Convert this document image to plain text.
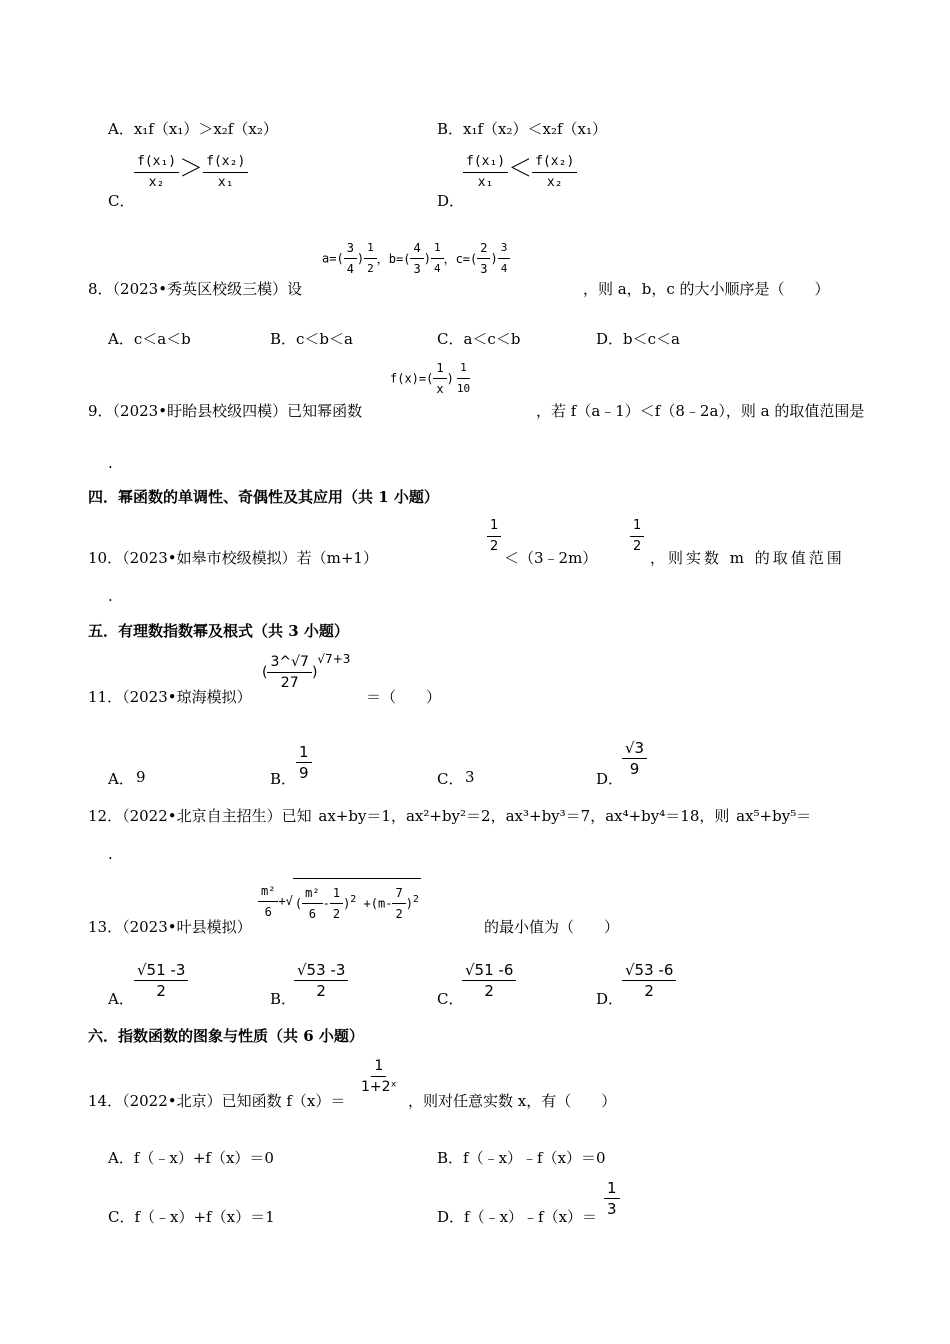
A．x₁f（x₁）＞x₂f（x₂）	B．x₁f（x₂）＜x₂f（x₁）
C．
$\frac{\text{f(x₁)}}{\text{x₂}} > \frac{\text{f(x₂)}}{\text{x₁}}$
D．
$\frac{\text{f(x₁)}}{\text{x₁}} < \frac{\text{f(x₂)}}{\text{x₂}}$
8．（2023•秀英区校级三模）设
$a=( \frac{3}{4}$ ) $^{\frac{1}{2}}$ ，$b=( \frac{4}{3}$ ) $^{\frac{1}{4}}$ ，$c=( \frac{2}{3}$ ) $^{\frac{3}{4}}$
，则 a，b，c 的大小顺序是（　　）
A．c＜a＜b	B．c＜b＜a	C．a＜c＜b	D．b＜c＜a
9．（2023•盱眙县校级四模）已知幂函数
$f(x)=( \frac{1}{x}$ ) $^{\frac{1}{10}}$
，若 f（a﹣1）＜f（8﹣2a），则 a 的取值范围是
.
四．幂函数的单调性、奇偶性及其应用（共 1 小题）
10．（2023•如皋市校级模拟）若（m+1）
$\frac{1}{2}$
＜（3﹣2m）
$\frac{1}{2}$
，则实数 m 的取值范围
.
五．有理数指数幂及根式（共 3 小题）
11．（2023•琼海模拟）
( $\frac{3\^{}√7}{27} )√7+3$
＝（　　）
A． 9	B． $\frac{1}{9}$	C． 3	D．
$\frac{√3}{9}$
12．（2022•北京自主招生）已知 ax+by＝1，ax²+by²＝2，ax³+by³＝7，ax⁴+by⁴＝18，则 ax⁵+by⁵＝
.
13．（2023•叶县模拟）
$\frac{\text{m²}}{6}$ +√ ( $\frac{\text{m²}}{6} - \frac{1}{2} )^2 +(m- \frac{7}{2} )^2$
的最小值为（　　）
A． $\frac{√51 -3}{2}$	B．
$\frac{√53 -3}{2}$	C．
$\frac{√51 -6}{2}$	D．
$\frac{√53 -6}{2}$
六．指数函数的图象与性质（共 6 小题）
14．（2022•北京）已知函数 f（x）＝
$\frac{1}{\text{1+2ˣ}}$
，则对任意实数 x，有（　　）
A．f（﹣x）+f（x）＝0	B．f（﹣x）﹣f（x）＝0
C．f（﹣x）+f（x）＝1	D．f（﹣x）﹣f（x）＝ $\frac{1}{3}$
